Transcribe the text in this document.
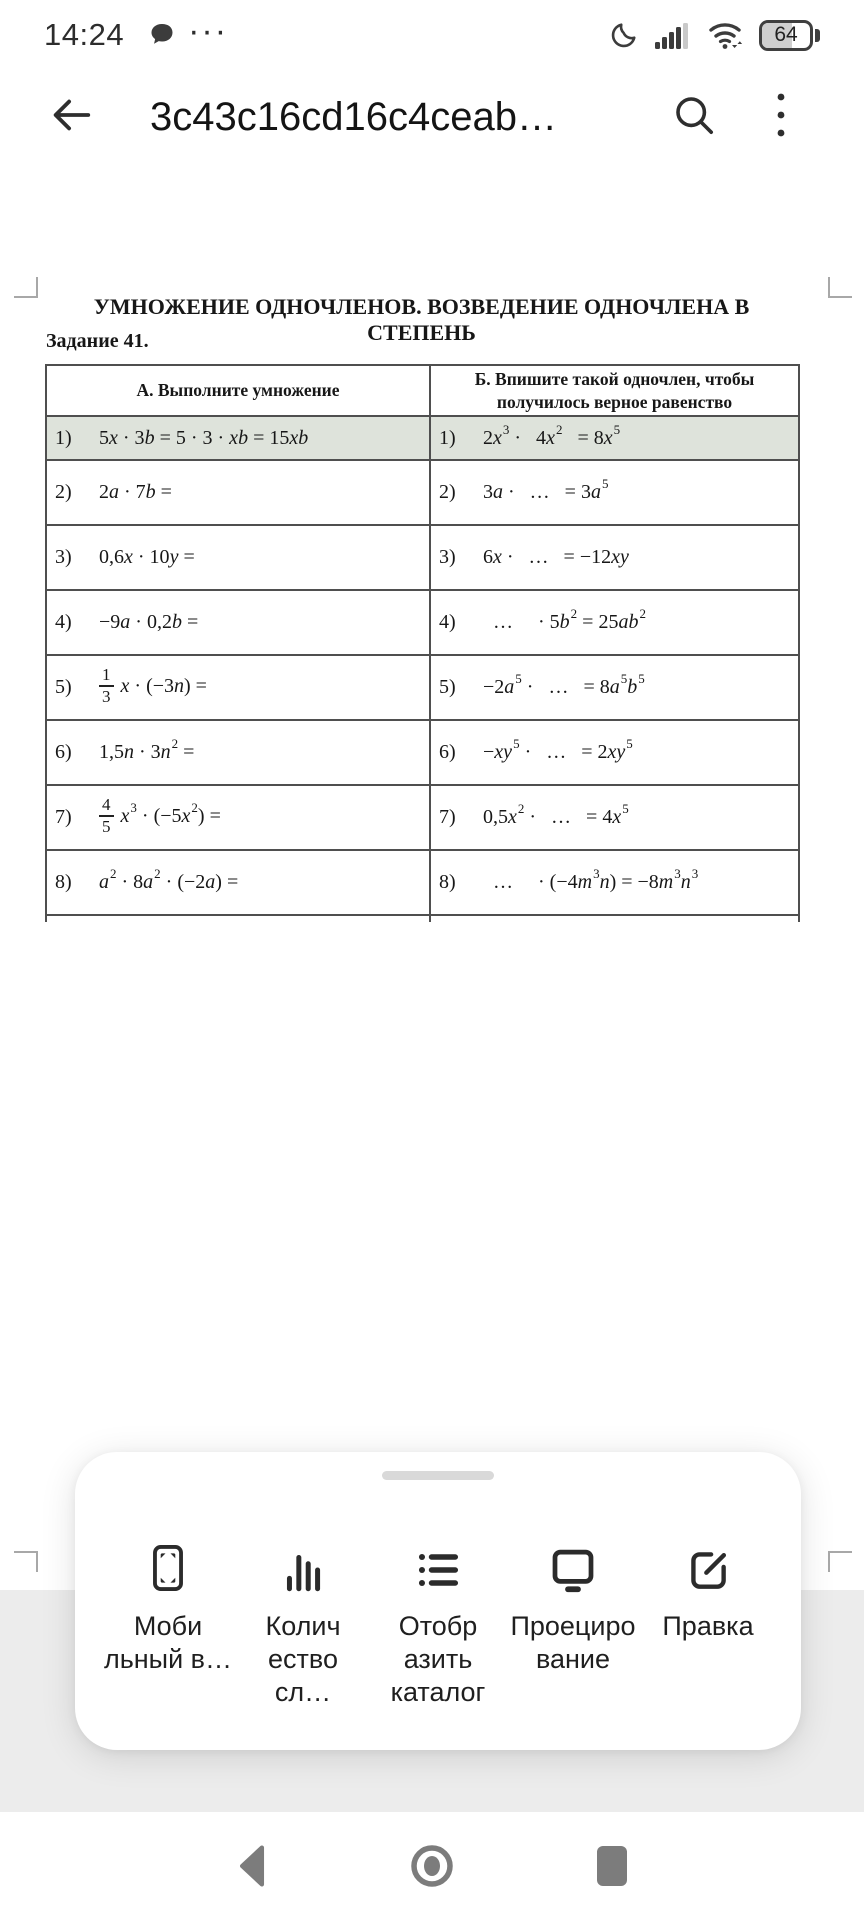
14:24 ···	64
3c43c16cd16c4ceab…
УМНОЖЕНИЕ ОДНОЧЛЕНОВ. ВОЗВЕДЕНИЕ ОДНОЧЛЕНА В СТЕПЕНЬ
Задание 41.
А. Выполните умножение	Б. Впишите такой одночлен, чтобы получилось верное равенство

1) 5x · 3b = 5 · 3 · xb = 15xb	1) $2x^3$ ·  $4x^2$  = $8x^5$

2) 2a · 7b =	2) 3a ·  …  = $3a^5$

3) 0,6x · 10y =	3) 6x ·  …  = −12xy

4) −9a · 0,2b =	4)  …  · $5b^2 = 25ab^2$

$5) \frac{1}{3}$
  x · (−3n) =	$5) -2a^5$ ·  …  = $8a^5b^5$

6) $1,5n \cdot 3n^2$ =	$6) -xy^5$ ·  …  = $2xy^5$

$7) \frac{4}{5}$
  $x^3 \cdot (-5x^2)$ =	7) $0,5x^2$ ·  …  = $4x^5$

8) $a^2 \cdot 8a^2 \cdot (-2a)$ =	8)  …  · $(-4m^3n) = -8m^3n^3$

Моби
льный в…
Колич
ество сл…
Отобр
азить
каталог
Проециро
вание
Правка
